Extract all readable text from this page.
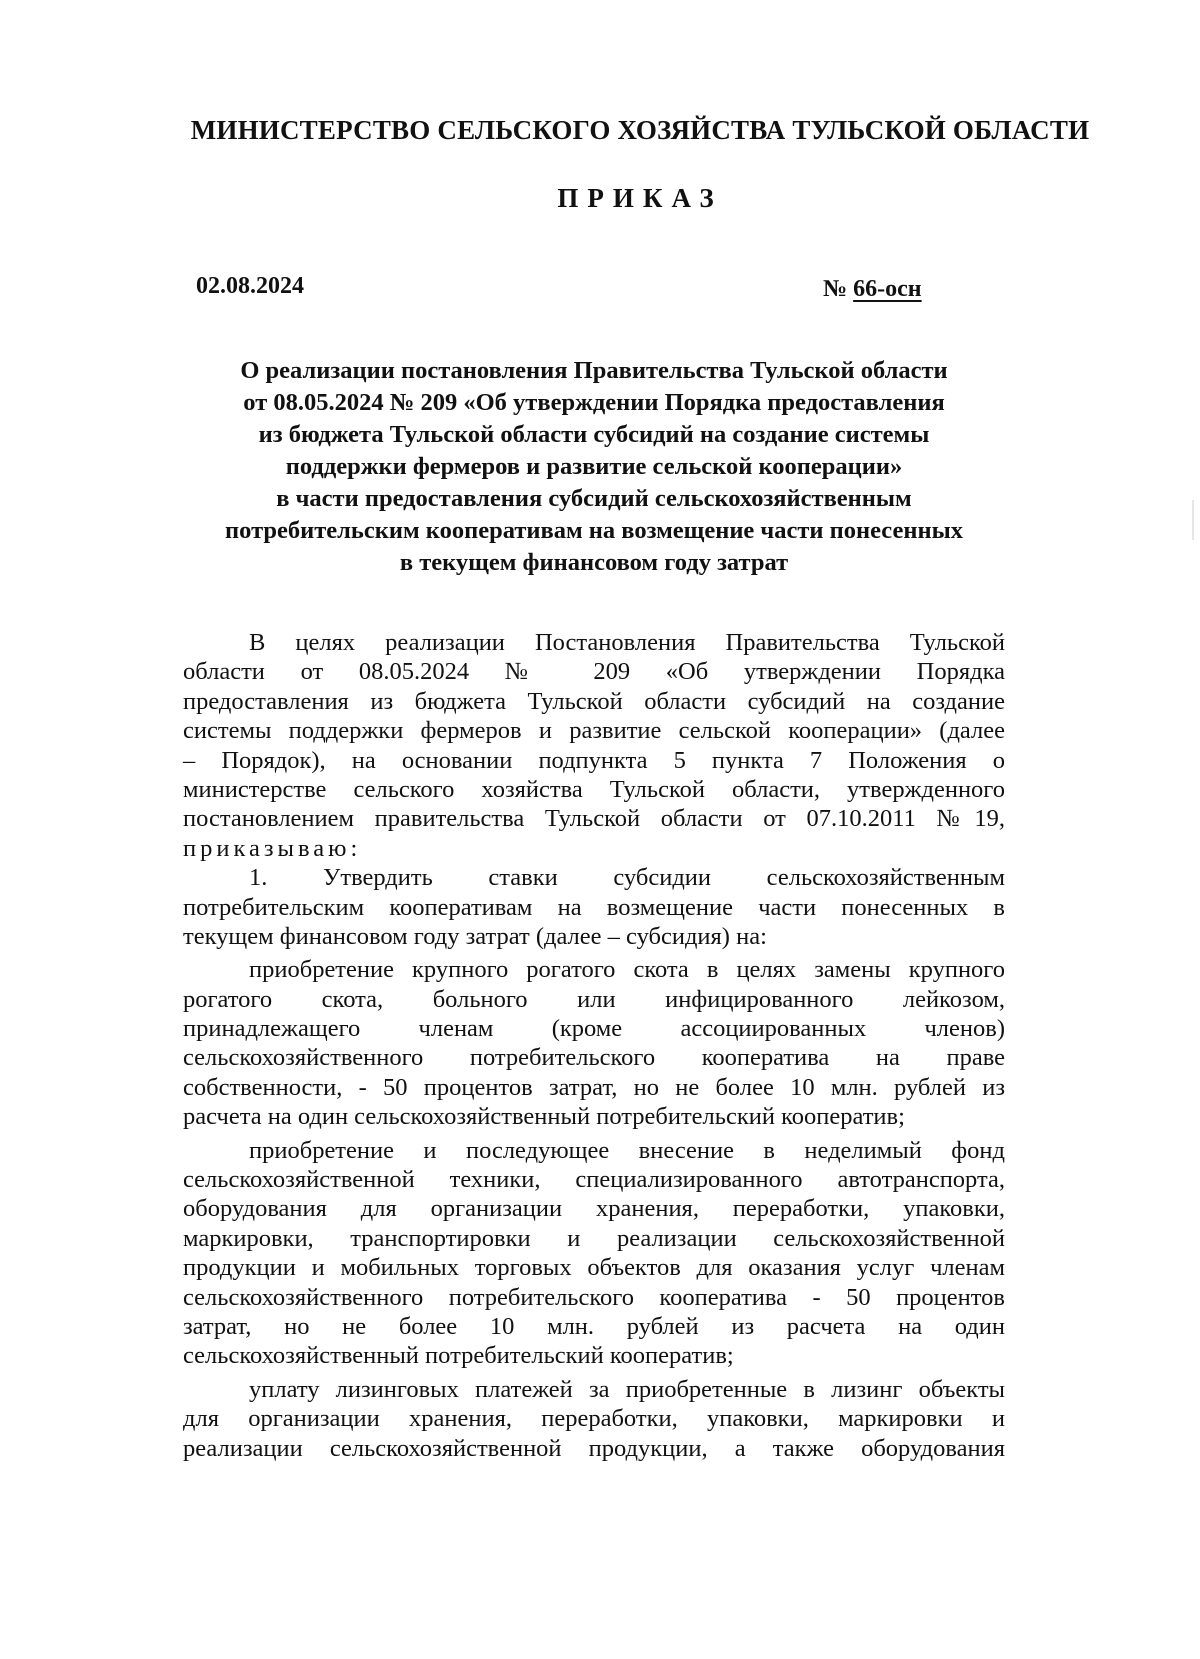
МИНИСТЕРСТВО СЕЛЬСКОГО ХОЗЯЙСТВА ТУЛЬСКОЙ ОБЛАСТИ
ПРИКАЗ
02.08.2024	№ 66-осн
О реализации постановления Правительства Тульской области
от 08.05.2024 № 209 «Об утверждении Порядка предоставления
из бюджета Тульской области субсидий на создание системы
поддержки фермеров и развитие сельской кооперации»
в части предоставления субсидий сельскохозяйственным
потребительским кооперативам на возмещение части понесенных
в текущем финансовом году затрат
В целях реализации Постановления Правительства Тульской
области от 08.05.2024 № 209 «Об утверждении Порядка
предоставления из бюджета Тульской области субсидий на создание
системы поддержки фермеров и развитие сельской кооперации» (далее
– Порядок), на основании подпункта 5 пункта 7 Положения о
министерстве сельского хозяйства Тульской области, утвержденного
постановлением правительства Тульской области от 07.10.2011 №19,
приказываю:
1. Утвердить ставки субсидии сельскохозяйственным
потребительским кооперативам на возмещение части понесенных в
текущем финансовом году затрат (далее – субсидия) на:
приобретение крупного рогатого скота в целях замены крупного
рогатого скота, больного или инфицированного лейкозом,
принадлежащего членам (кроме ассоциированных членов)
сельскохозяйственного потребительского кооператива на праве
собственности, - 50 процентов затрат, но не более 10 млн. рублей из
расчета на один сельскохозяйственный потребительский кооператив;
приобретение и последующее внесение в неделимый фонд
сельскохозяйственной техники, специализированного автотранспорта,
оборудования для организации хранения, переработки, упаковки,
маркировки, транспортировки и реализации сельскохозяйственной
продукции и мобильных торговых объектов для оказания услуг членам
сельскохозяйственного потребительского кооператива - 50 процентов
затрат, но не более 10 млн. рублей из расчета на один
сельскохозяйственный потребительский кооператив;
уплату лизинговых платежей за приобретенные в лизинг объекты
для организации хранения, переработки, упаковки, маркировки и
реализации сельскохозяйственной продукции, а также оборудования
